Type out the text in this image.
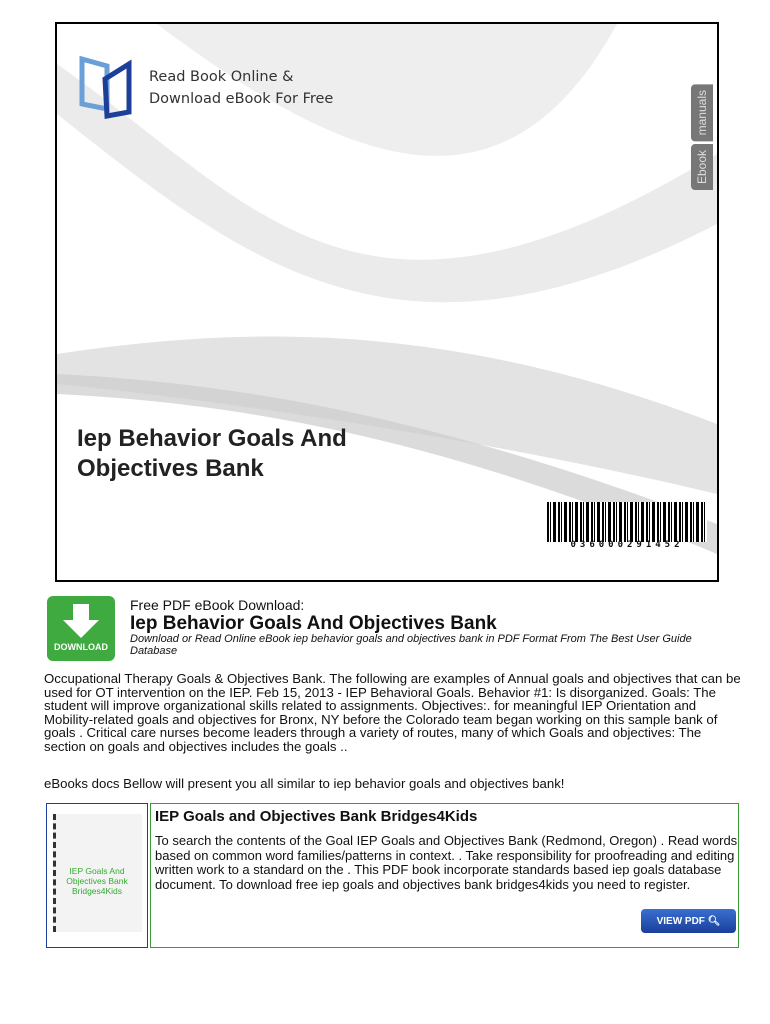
Read Book Online &
Download eBook For Free	manuals
Ebook
Iep Behavior Goals And
Objectives Bank
036000291452
DOWNLOAD
Free PDF eBook Download:
Iep Behavior Goals And Objectives Bank
Download or Read Online eBook iep behavior goals and objectives bank in PDF Format From The Best User Guide Database
Occupational Therapy Goals & Objectives Bank. The following are examples of Annual goals and objectives that can be used for OT intervention on the IEP. Feb 15, 2013 - IEP Behavioral Goals. Behavior #1: Is disorganized. Goals: The student will improve organizational skills related to assignments. Objectives:. for meaningful IEP Orientation and Mobility-related goals and objectives for Bronx, NY before the Colorado team began working on this sample bank of goals . Critical care nurses become leaders through a variety of routes, many of which Goals and objectives: The section on goals and objectives includes the goals ..
eBooks docs Bellow will present you all similar to iep behavior goals and objectives bank!
IEP Goals And Objectives Bank Bridges4Kids
IEP Goals and Objectives Bank Bridges4Kids
To search the contents of the Goal IEP Goals and Objectives Bank (Redmond, Oregon) . Read words based on common word families/patterns in context. . Take responsibility for proofreading and editing written work to a standard on the . This PDF book incorporate standards based iep goals database document. To download free iep goals and objectives bank bridges4kids you need to register.
VIEW PDF 🔍︎
